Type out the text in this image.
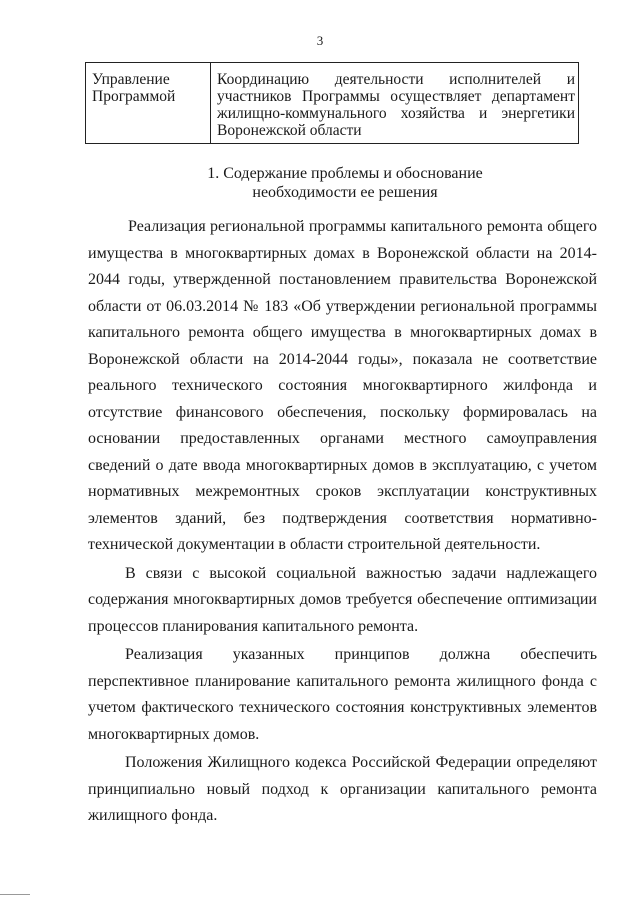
3
Управление Программой	Координацию деятельности исполнителей и участников Программы осуществляет департамент жилищно-коммунального хозяйства и энергетики Воронежской области
1. Содержание проблемы и обоснование
необходимости ее решения

Реализация региональной программы капитального ремонта общего имущества в многоквартирных домах в Воронежской области на 2014-2044 годы, утвержденной постановлением правительства Воронежской области от 06.03.2014 № 183 «Об утверждении региональной программы капитального ремонта общего имущества в многоквартирных домах в Воронежской области на 2014-2044 годы», показала не соответствие реального технического состояния многоквартирного жилфонда и отсутствие финансового обеспечения, поскольку формировалась на основании предоставленных органами местного самоуправления сведений о дате ввода многоквартирных домов в эксплуатацию, с учетом нормативных межремонтных сроков эксплуатации конструктивных элементов зданий, без подтверждения соответствия нормативно-технической документации в области строительной деятельности.

В связи с высокой социальной важностью задачи надлежащего содержания многоквартирных домов требуется обеспечение оптимизации процессов планирования капитального ремонта.

Реализация указанных принципов должна обеспечить перспективное планирование капитального ремонта жилищного фонда с учетом фактического технического состояния конструктивных элементов многоквартирных домов.

Положения Жилищного кодекса Российской Федерации определяют принципиально новый подход к организации капитального ремонта жилищного фонда.
